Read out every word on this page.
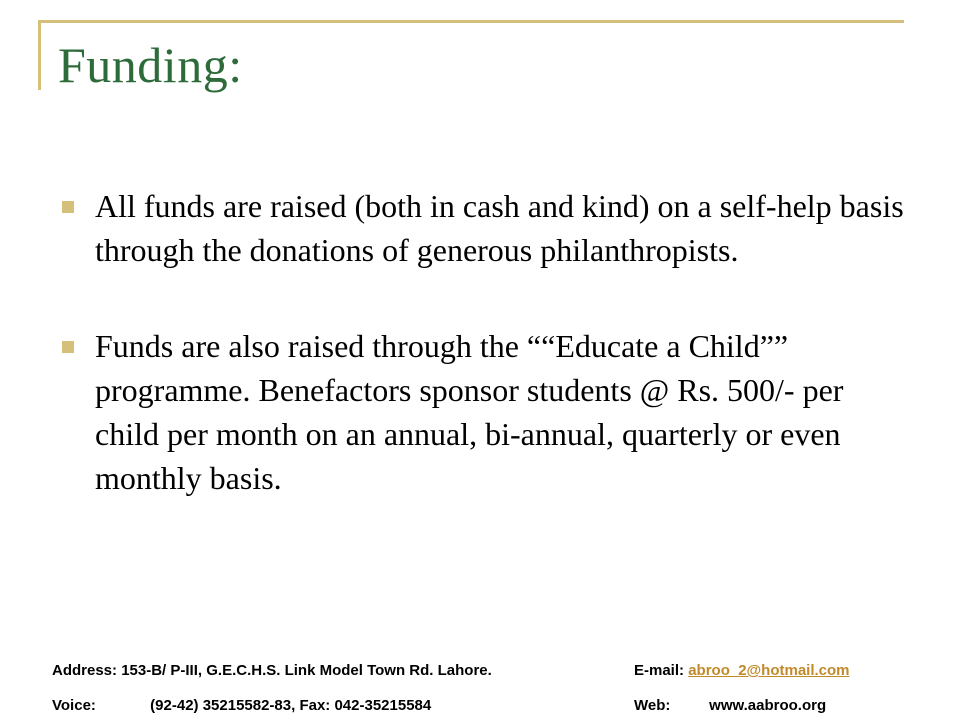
Funding:
All funds are raised (both in cash and kind) on a self-help basis through the donations of generous philanthropists.
Funds are also raised through the ““Educate a Child”” programme. Benefactors sponsor students @ Rs. 500/- per child per month on an annual, bi-annual, quarterly or even monthly basis.
Address: 153-B/ P-III, G.E.C.H.S. Link Model Town Rd. Lahore.	E-mail: abroo_2@hotmail.com
Voice:	(92-42) 35215582-83, Fax: 042-35215584	Web:	www.aabroo.org
